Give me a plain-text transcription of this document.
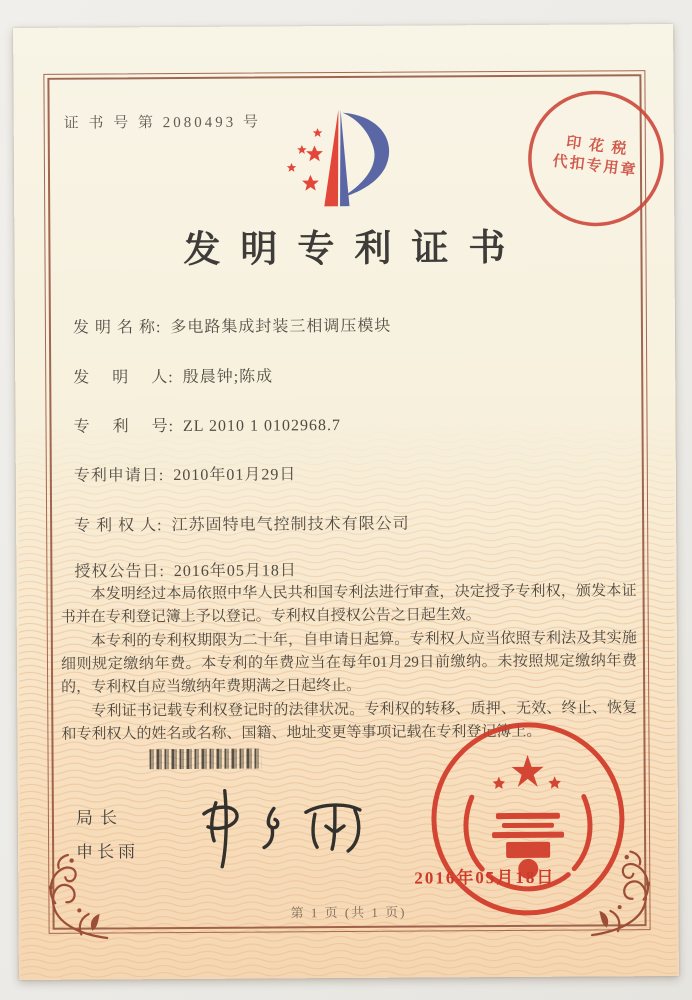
证 书 号 第 2080493 号
印 花 税
代扣专用章
发明专利证书
发 明 名 称: 多电路集成封装三相调压模块
发　 明　 人: 殷晨钟;陈成
专　 利　 号: ZL 2010 1 0102968.7
专利申请日: 2010年01月29日
专 利 权 人: 江苏固特电气控制技术有限公司
授权公告日: 2016年05月18日

本发明经过本局依照中华人民共和国专利法进行审查，决定授予专利权，颁发本证书并在专利登记簿上予以登记。专利权自授权公告之日起生效。

本专利的专利权期限为二十年，自申请日起算。专利权人应当依照专利法及其实施细则规定缴纳年费。本专利的年费应当在每年01月29日前缴纳。未按照规定缴纳年费的，专利权自应当缴纳年费期满之日起终止。

专利证书记载专利权登记时的法律状况。专利权的转移、质押、无效、终止、恢复和专利权人的姓名或名称、国籍、地址变更等事项记载在专利登记簿上。

局长
申长雨
2016年05月18日
第 1 页 (共 1 页)
